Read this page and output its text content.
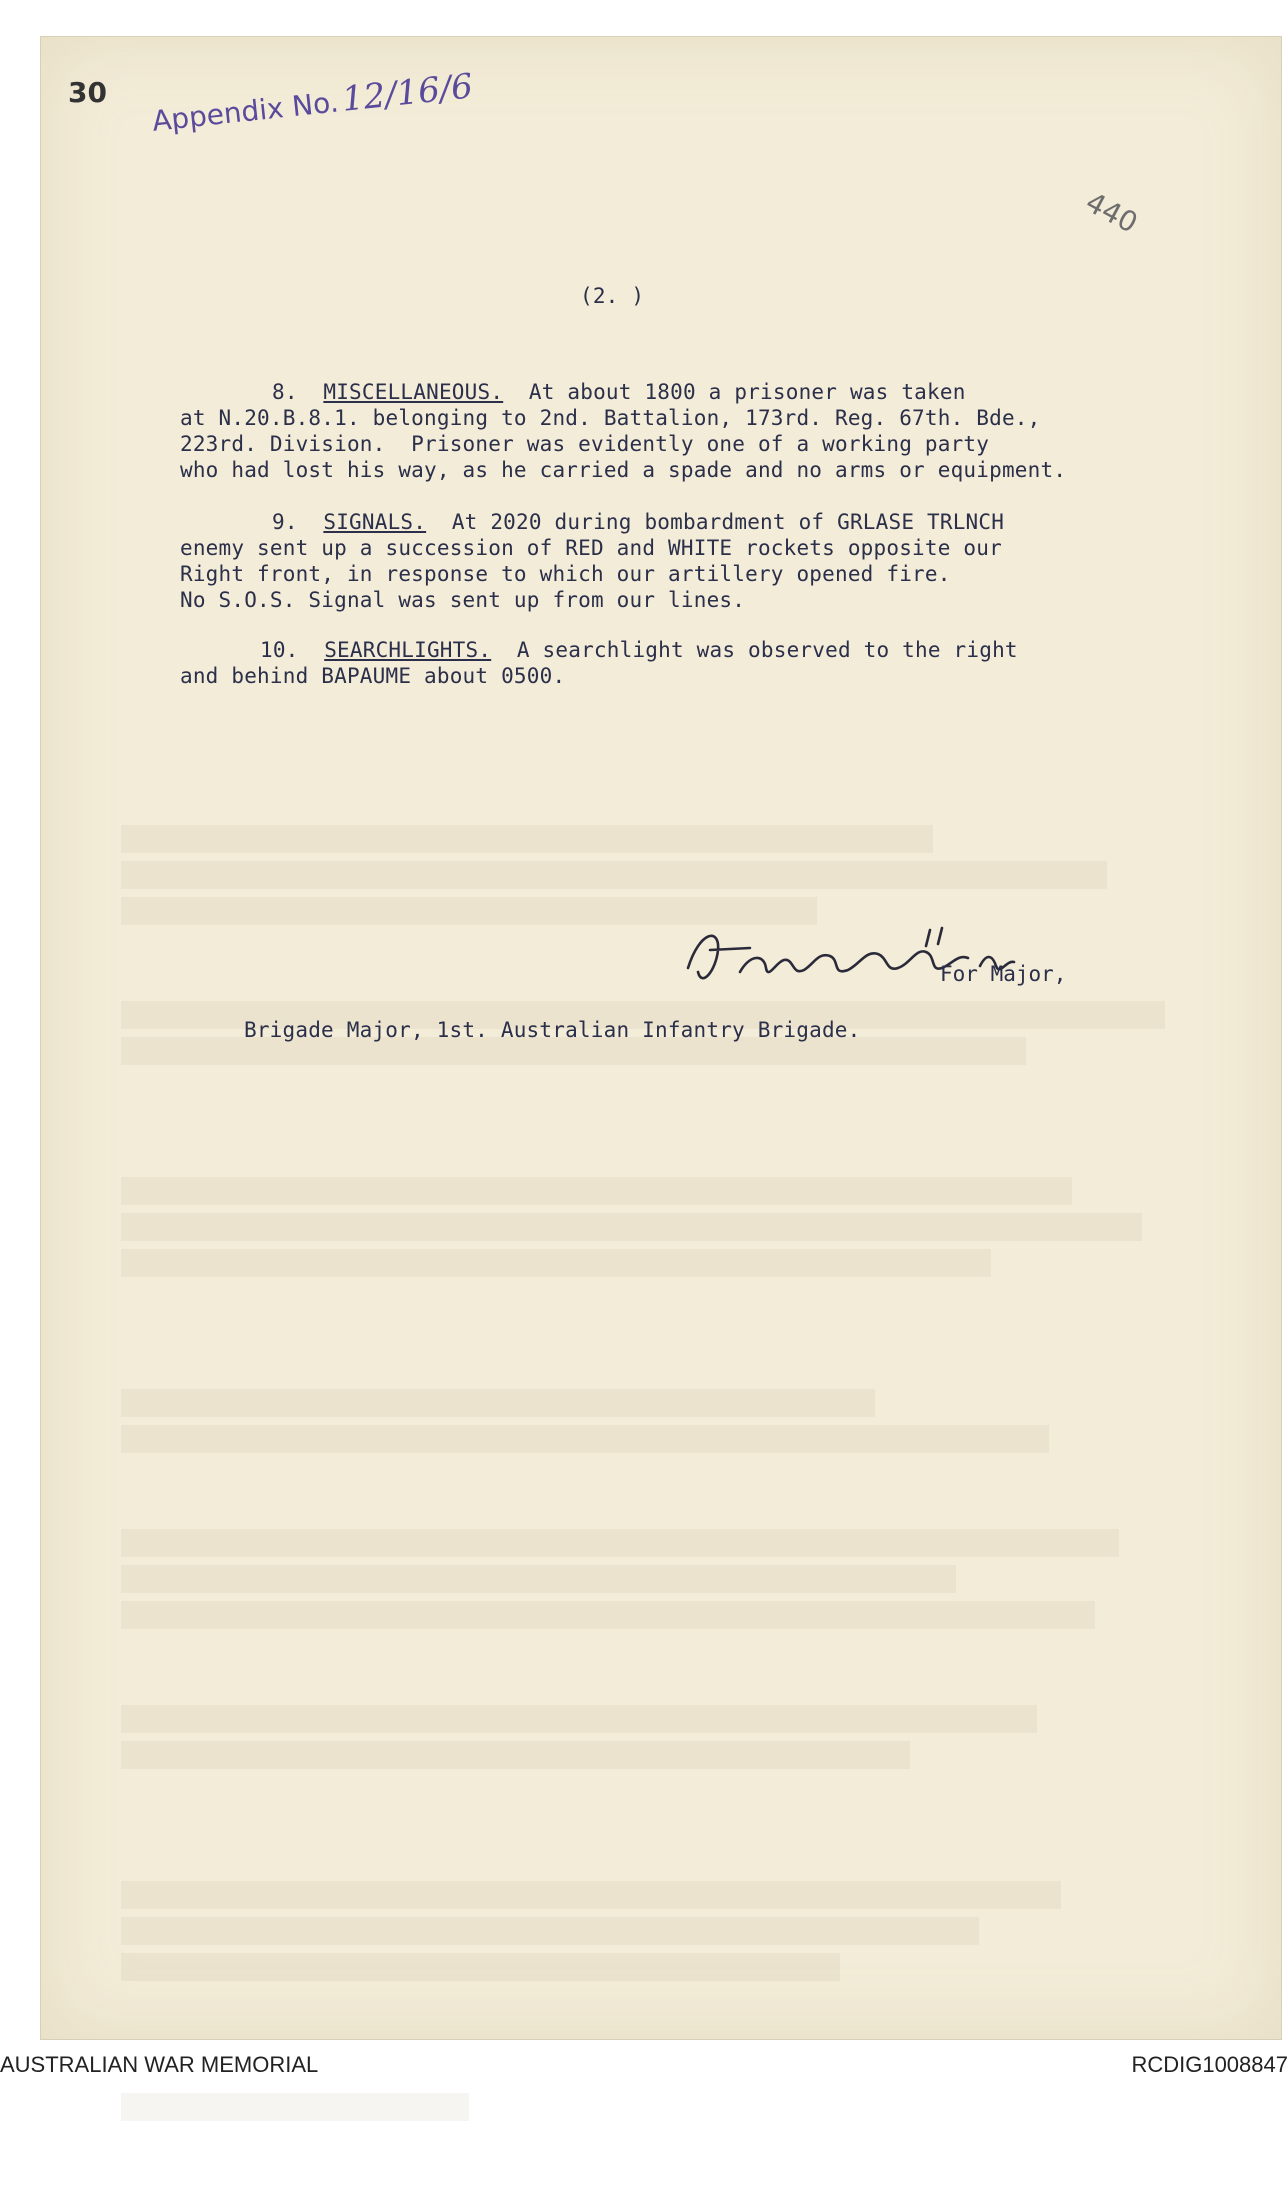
30 Appendix No.12/16/6
440
(2. )
8. MISCELLANEOUS. At about 1800 a prisoner was taken
at N.20.B.8.1. belonging to 2nd. Battalion, 173rd. Reg. 67th. Bde.,
223rd. Division.  Prisoner was evidently one of a working party
who had lost his way, as he carried a spade and no arms or equipment.
9. SIGNALS. At 2020 during bombardment of GRLASE TRLNCH
enemy sent up a succession of RED and WHITE rockets opposite our
Right front, in response to which our artillery opened fire.
No S.O.S. Signal was sent up from our lines.
10. SEARCHLIGHTS. A searchlight was observed to the right
and behind BAPAUME about 0500.
For Major,
Brigade Major, 1st. Australian Infantry Brigade.
AUSTRALIAN WAR MEMORIAL	RCDIG1008847
